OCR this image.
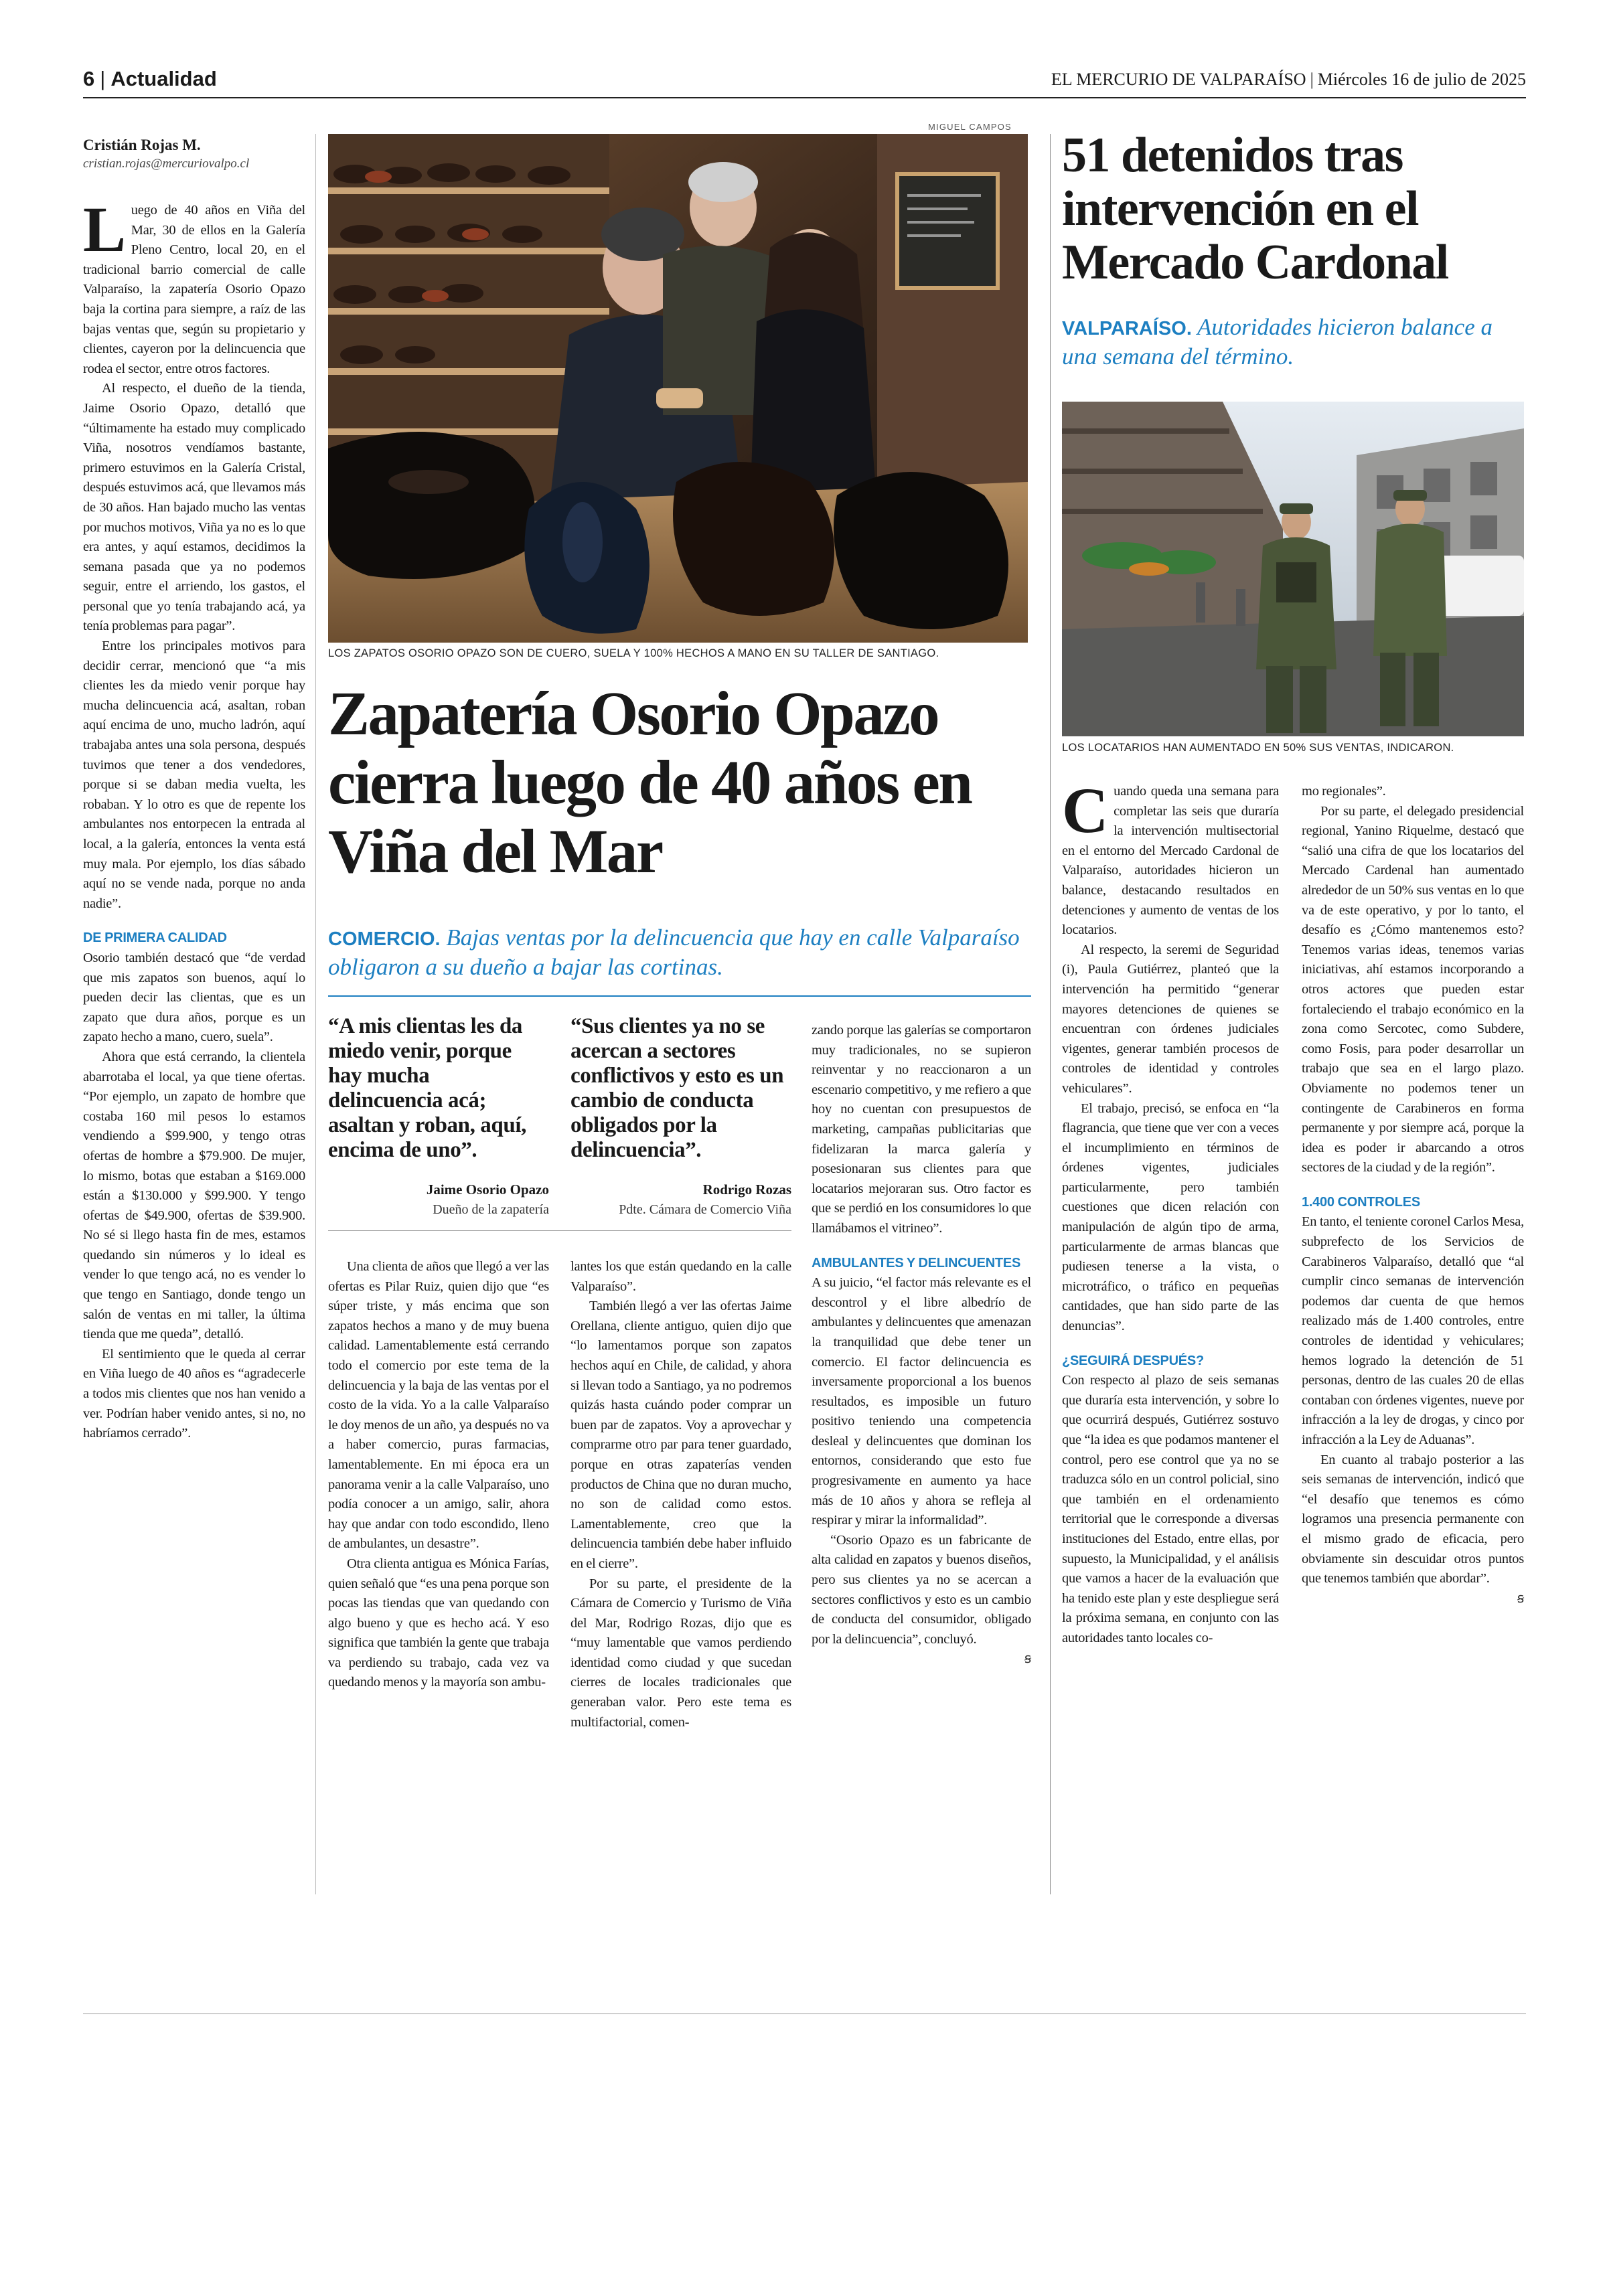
6 | Actualidad	EL MERCURIO DE VALPARAÍSO | Miércoles 16 de julio de 2025
Cristián Rojas M.
cristian.rojas@mercuriovalpo.cl
MIGUEL CAMPOS
LOS ZAPATOS OSORIO OPAZO SON DE CUERO, SUELA Y 100% HECHOS A MANO EN SU TALLER DE SANTIAGO.
Zapatería Osorio Opazo cierra luego de 40 años en Viña del Mar
COMERCIO. Bajas ventas por la delincuencia que hay en calle Valparaíso obligaron a su dueño a bajar las cortinas.

Luego de 40 años en Viña del Mar, 30 de ellos en la Galería Pleno Centro, local 20, en el tradicional barrio comercial de calle Valparaíso, la zapatería Osorio Opazo baja la cortina para siempre, a raíz de las bajas ventas que, según su propietario y clientes, cayeron por la delincuencia que rodea el sector, entre otros factores.

Al respecto, el dueño de la tienda, Jaime Osorio Opazo, detalló que “últimamente ha estado muy complicado Viña, nosotros vendíamos bastante, primero estuvimos en la Galería Cristal, después estuvimos acá, que llevamos más de 30 años. Han bajado mucho las ventas por muchos motivos, Viña ya no es lo que era antes, y aquí estamos, decidimos la semana pasada que ya no podemos seguir, entre el arriendo, los gastos, el personal que yo tenía trabajando acá, ya tenía problemas para pagar”.

Entre los principales motivos para decidir cerrar, mencionó que “a mis clientes les da miedo venir porque hay mucha delincuencia acá, asaltan, roban aquí encima de uno, mucho ladrón, aquí trabajaba antes una sola persona, después tuvimos que tener a dos vendedores, porque si se daban media vuelta, les robaban. Y lo otro es que de repente los ambulantes nos entorpecen la entrada al local, a la galería, entonces la venta está muy mala. Por ejemplo, los días sábado aquí no se vende nada, porque no anda nadie”.

DE PRIMERA CALIDAD

Osorio también destacó que “de verdad que mis zapatos son buenos, aquí lo pueden decir las clientas, que es un zapato que dura años, porque es un zapato hecho a mano, cuero, suela”.

Ahora que está cerrando, la clientela abarrotaba el local, ya que tiene ofertas. “Por ejemplo, un zapato de hombre que costaba 160 mil pesos lo estamos vendiendo a $99.900, y tengo otras ofertas de hombre a $79.900. De mujer, lo mismo, botas que estaban a $169.000 están a $130.000 y $99.900. Y tengo ofertas de $49.900, ofertas de $39.900. No sé si llego hasta fin de mes, estamos quedando sin números y lo ideal es vender lo que tengo acá, no es vender lo que tengo en Santiago, donde tengo un salón de ventas en mi taller, la última tienda que me queda”, detalló.

El sentimiento que le queda al cerrar en Viña luego de 40 años es “agradecerle a todos mis clientes que nos han venido a ver. Podrían haber venido antes, si no, no habríamos cerrado”.

“A mis clientas les da miedo venir, porque hay mucha delincuencia acá; asaltan y roban, aquí, encima de uno”.
Jaime Osorio Opazo
Dueño de la zapatería
“Sus clientes ya no se acercan a sectores conflictivos y esto es un cambio de conducta obligados por la delincuencia”.
Rodrigo Rozas
Pdte. Cámara de Comercio Viña

Una clienta de años que llegó a ver las ofertas es Pilar Ruiz, quien dijo que “es súper triste, y más encima que son zapatos hechos a mano y de muy buena calidad. Lamentablemente está cerrando todo el comercio por este tema de la delincuencia y la baja de las ventas por el costo de la vida. Yo a la calle Valparaíso le doy menos de un año, ya después no va a haber comercio, puras farmacias, lamentablemente. En mi época era un panorama venir a la calle Valparaíso, uno podía conocer a un amigo, salir, ahora hay que andar con todo escondido, lleno de ambulantes, un desastre”.

Otra clienta antigua es Mónica Farías, quien señaló que “es una pena porque son pocas las tiendas que van quedando con algo bueno y que es hecho acá. Y eso significa que también la gente que trabaja va perdiendo su trabajo, cada vez va quedando menos y la mayoría son ambu-

lantes los que están quedando en la calle Valparaíso”.

También llegó a ver las ofertas Jaime Orellana, cliente antiguo, quien dijo que “lo lamentamos porque son zapatos hechos aquí en Chile, de calidad, y ahora si llevan todo a Santiago, ya no podremos quizás hasta cuándo poder comprar un buen par de zapatos. Voy a aprovechar y comprarme otro par para tener guardado, porque en otras zapaterías venden productos de China que no duran mucho, no son de calidad como estos. Lamentablemente, creo que la delincuencia también debe haber influido en el cierre”.

Por su parte, el presidente de la Cámara de Comercio y Turismo de Viña del Mar, Rodrigo Rozas, dijo que es “muy lamentable que vamos perdiendo identidad como ciudad y que sucedan cierres de locales tradicionales que generaban valor. Pero este tema es multifactorial, comen-

zando porque las galerías se comportaron muy tradicionales, no se supieron reinventar y no reaccionaron a un escenario competitivo, y me refiero a que hoy no cuentan con presupuestos de marketing, campañas publicitarias que fidelizaran la marca galería y posesionaran sus clientes para que locatarios mejoraran sus. Otro factor es que se perdió en los consumidores lo que llamábamos el vitrineo”.

AMBULANTES Y DELINCUENTES

A su juicio, “el factor más relevante es el descontrol y el libre albedrío de ambulantes y delincuentes que amenazan la tranquilidad que debe tener un comercio. El factor delincuencia es inversamente proporcional a los buenos resultados, es imposible un futuro positivo teniendo una competencia desleal y delincuentes que dominan los entornos, considerando que esto fue progresivamente en aumento ya hace más de 10 años y ahora se refleja al respirar y mirar la informalidad”.

“Osorio Opazo es un fabricante de alta calidad en zapatos y buenos diseños, pero sus clientes ya no se acercan a sectores conflictivos y esto es un cambio de conducta del consumidor, obligado por la delincuencia”, concluyó.

ꞩ

51 detenidos tras intervención en el Mercado Cardonal
VALPARAÍSO. Autoridades hicieron balance a una semana del término.
LOS LOCATARIOS HAN AUMENTADO EN 50% SUS VENTAS, INDICARON.

Cuando queda una semana para completar las seis que duraría la intervención multisectorial en el entorno del Mercado Cardonal de Valparaíso, autoridades hicieron un balance, destacando resultados en detenciones y aumento de ventas de los locatarios.

Al respecto, la seremi de Seguridad (i), Paula Gutiérrez, planteó que la intervención ha permitido “generar mayores detenciones de quienes se encuentran con órdenes judiciales vigentes, generar también procesos de controles de identidad y controles vehiculares”.

El trabajo, precisó, se enfoca en “la flagrancia, que tiene que ver con a veces el incumplimiento en términos de órdenes vigentes, judiciales particularmente, pero también cuestiones que dicen relación con manipulación de algún tipo de arma, particularmente de armas blancas que pudiesen tenerse a la vista, o microtráfico, o tráfico en pequeñas cantidades, que han sido parte de las denuncias”.

¿SEGUIRÁ DESPUÉS?

Con respecto al plazo de seis semanas que duraría esta intervención, y sobre lo que ocurrirá después, Gutiérrez sostuvo que “la idea es que podamos mantener el control, pero ese control que ya no se traduzca sólo en un control policial, sino que también en el ordenamiento territorial que le corresponde a diversas instituciones del Estado, entre ellas, por supuesto, la Municipalidad, y el análisis que vamos a hacer de la evaluación que ha tenido este plan y este despliegue será la próxima semana, en conjunto con las autoridades tanto locales co-

mo regionales”.

Por su parte, el delegado presidencial regional, Yanino Riquelme, destacó que “salió una cifra de que los locatarios del Mercado Cardenal han aumentado alrededor de un 50% sus ventas en lo que va de este operativo, y por lo tanto, el desafío es ¿Cómo mantenemos esto? Tenemos varias ideas, tenemos varias iniciativas, ahí estamos incorporando a otros actores que pueden estar fortaleciendo el trabajo económico en la zona como Sercotec, como Subdere, como Fosis, para poder desarrollar un trabajo que sea en el largo plazo. Obviamente no podemos tener un contingente de Carabineros en forma permanente y por siempre acá, porque la idea es poder ir abarcando a otros sectores de la ciudad y de la región”.

1.400 CONTROLES

En tanto, el teniente coronel Carlos Mesa, subprefecto de los Servicios de Carabineros Valparaíso, detalló que “al cumplir cinco semanas de intervención podemos dar cuenta de que hemos realizado más de 1.400 controles, entre controles de identidad y vehiculares; hemos logrado la detención de 51 personas, dentro de las cuales 20 de ellas contaban con órdenes vigentes, nueve por infracción a la ley de drogas, y cinco por infracción a la Ley de Aduanas”.

En cuanto al trabajo posterior a las seis semanas de intervención, indicó que “el desafío que tenemos es cómo logramos una presencia permanente con el mismo grado de eficacia, pero obviamente sin descuidar otros puntos que tenemos también que abordar”.

ꞩ
